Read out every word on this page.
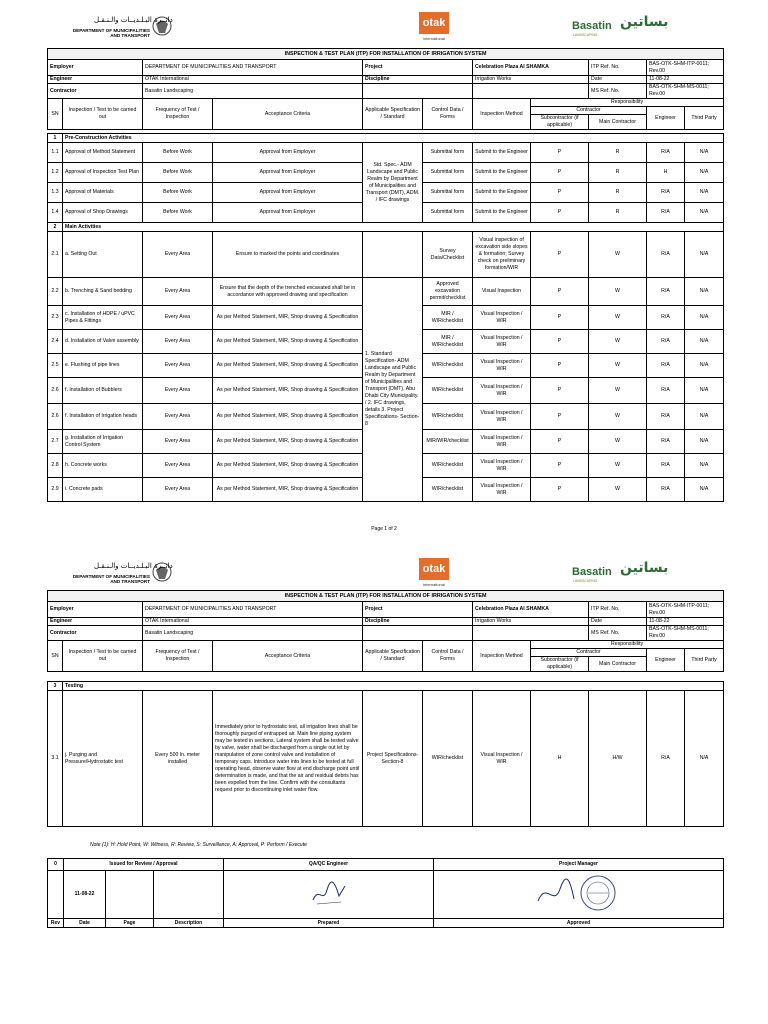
دائــرة البـلـديــات والـنـقـل
DEPARTMENT OF MUNICIPALITIES
AND TRANSPORT
otak
international
Basatin بساتين
LANDSCAPING
INSPECTION & TEST PLAN (ITP) FOR INSTALLATION OF IRRIGATION SYSTEM										
Employer		DEPARTMENT OF MUNICIPALITIES AND TRANSPORT		Project		Celebration Plaza Al SHAMKA		ITP Ref. No.	BAS-OTK-SHM-ITP-0011; Rev.00	
Engineer		OTAK International		Discipline		Irrigation Works		Date	11-08-22	
Contractor		Basatin Landscaping						MS Ref. No.	BAS-OTK-SHM-MS-0011; Rev.00	
SN	Inspection / Test to be carried out	Frequency of Test / Inspection	Acceptance Criteria	Applicable Specification / Standard	Control Data / Forms	Inspection Method	Responsibility			
							Contractor		Engineer	Third Party
							Subcontractor (if applicable)	Main Contractor		

1	Pre-Construction Activities									
1.1	Approval of Method Statement	Before Work	Approval from Employer	Std. Spec.- ADM Landscape and Public Realm by Department of Municipalities and Transport (DMT), ADM. / IFC drawings	Submittal form	Submit to the Engineer	P	R	R/A	N/A
1.2	Approval of Inspection Test Plan	Before Work	Approval from Employer		Submittal form	Submit to the Engineer	P	R	H	N/A
1.3	Approval of Materials	Before Work	Approval from Employer		Submittal form	Submit to the Engineer	P	R	R/A	N/A
1.4	Approval of Shop Drawings	Before Work	Approval from Employer		Submittal form	Submit to the Engineer	P	R	R/A	N/A
2	Main Activities									
2.1	a. Setting Out	Every Area	Ensure to marked the points and coordinates		Survey Data/Checklist	Visual inspection of excavation side slopes & formation; Survey check on preliminary formation/WIR	P	W	R/A	N/A
2.2	b. Trenching & Sand bedding	Every Area	Ensure that the depth of the trenched excavated shall be in accordance with approved drawing and specification	1. Standard Specification- ADM Landscape and Public Realm by Department of Municipalities and Transport (DMT), Abu Dhabi City Municipality. / 2. IFC drawings, details 3. Project Specifications- Section-8	Approved excavation permit/checklist	Visual Inspection	P	W	R/A	N/A
2.3	c. Installation of HDPE / uPVC Pipes & Fittings	Every Area	As per Method Statement, MIR, Shop drawing & Specification		MIR / WIR/checklist	Visual Inspection / WIR	P	W	R/A	N/A
2.4	d. Installation of Valve assembly	Every Area	As per Method Statement, MIR, Shop drawing & Specification		MIR / WIR/checklist	Visual Inspection / WIR	P	W	R/A	N/A
2.5	e. Flushing of pipe lines	Every Area	As per Method Statement, MIR, Shop drawing & Specification		WIR/checklist	Visual Inspection / WIR	P	W	R/A	N/A
2.6	f. Installation of Bubblers	Every Area	As per Method Statement, MIR, Shop drawing & Specification		WIR/checklist	Visual Inspection / WIR	P	W	R/A	N/A
2.6	f. Installation of Irrigation heads	Every Area	As per Method Statement, MIR, Shop drawing & Specification		WIR/checklist	Visual Inspection / WIR	P	W	R/A	N/A
2.7	g. Installation of Irrigation Control System	Every Area	As per Method Statement, MIR, Shop drawing & Specification		MIR/WIR/checklist	Visual Inspection / WIR	P	W	R/A	N/A
2.8	h. Concrete works	Every Area	As per Method Statement, MIR, Shop drawing & Specification		WIR/checklist	Visual Inspection / WIR	P	W	R/A	N/A
2.9	i. Concrete pads	Every Area	As per Method Statement, MIR, Shop drawing & Specification		WIR/checklist	Visual Inspection / WIR	P	W	R/A	N/A
Page 1 of 2
دائــرة البـلـديــات والـنـقـل
DEPARTMENT OF MUNICIPALITIES
AND TRANSPORT
otak
international
Basatin بساتين
LANDSCAPING
INSPECTION & TEST PLAN (ITP) FOR INSTALLATION OF IRRIGATION SYSTEM										
Employer		DEPARTMENT OF MUNICIPALITIES AND TRANSPORT		Project		Celebration Plaza Al SHAMKA		ITP Ref. No.	BAS-OTK-SHM-ITP-0011; Rev.00	
Engineer		OTAK International		Discipline		Irrigation Works		Date	11-08-22	
Contractor		Basatin Landscaping						MS Ref. No.	BAS-OTK-SHM-MS-0011; Rev.00	
SN	Inspection / Test to be carried out	Frequency of Test / Inspection	Acceptance Criteria	Applicable Specification / Standard	Control Data / Forms	Inspection Method	Responsibility			
							Contractor		Engineer	Third Party
							Subcontractor (if applicable)	Main Contractor		

3	Testing									
3.1	j. Purging and Pressure/Hydrostatic test	Every 500 ln. meter installed	Immediately prior to hydrostatic test, all irrigation lines shall be thoroughly purged of entrapped air. Main line piping system may be tested in sections. Lateral system shall be tested valve by valve, water shall be discharged from a single out let by manipulation of zone control valve and installation of temporary caps. Introduce water into lines to be tested at full operating head, observe water flow at end discharge point until determination is made, and that the air and residual debris has been expelled from the line. Confirm with the consultants request prior to discontinuing inlet water flow.	Project Specifications- Section-8	WIR/checklist	Visual Inspection / WIR	H	H/W	R/A	N/A
Note (1): H: Hold Point, W: Witness, R: Review, S: Surveillance, A: Approval, P: Perform / Execute
0	Issued for Review / Approval			QA/QC Engineer	Project Manager
	11-08-22				
Rev	Date	Page	Description	Prepared	Approved
